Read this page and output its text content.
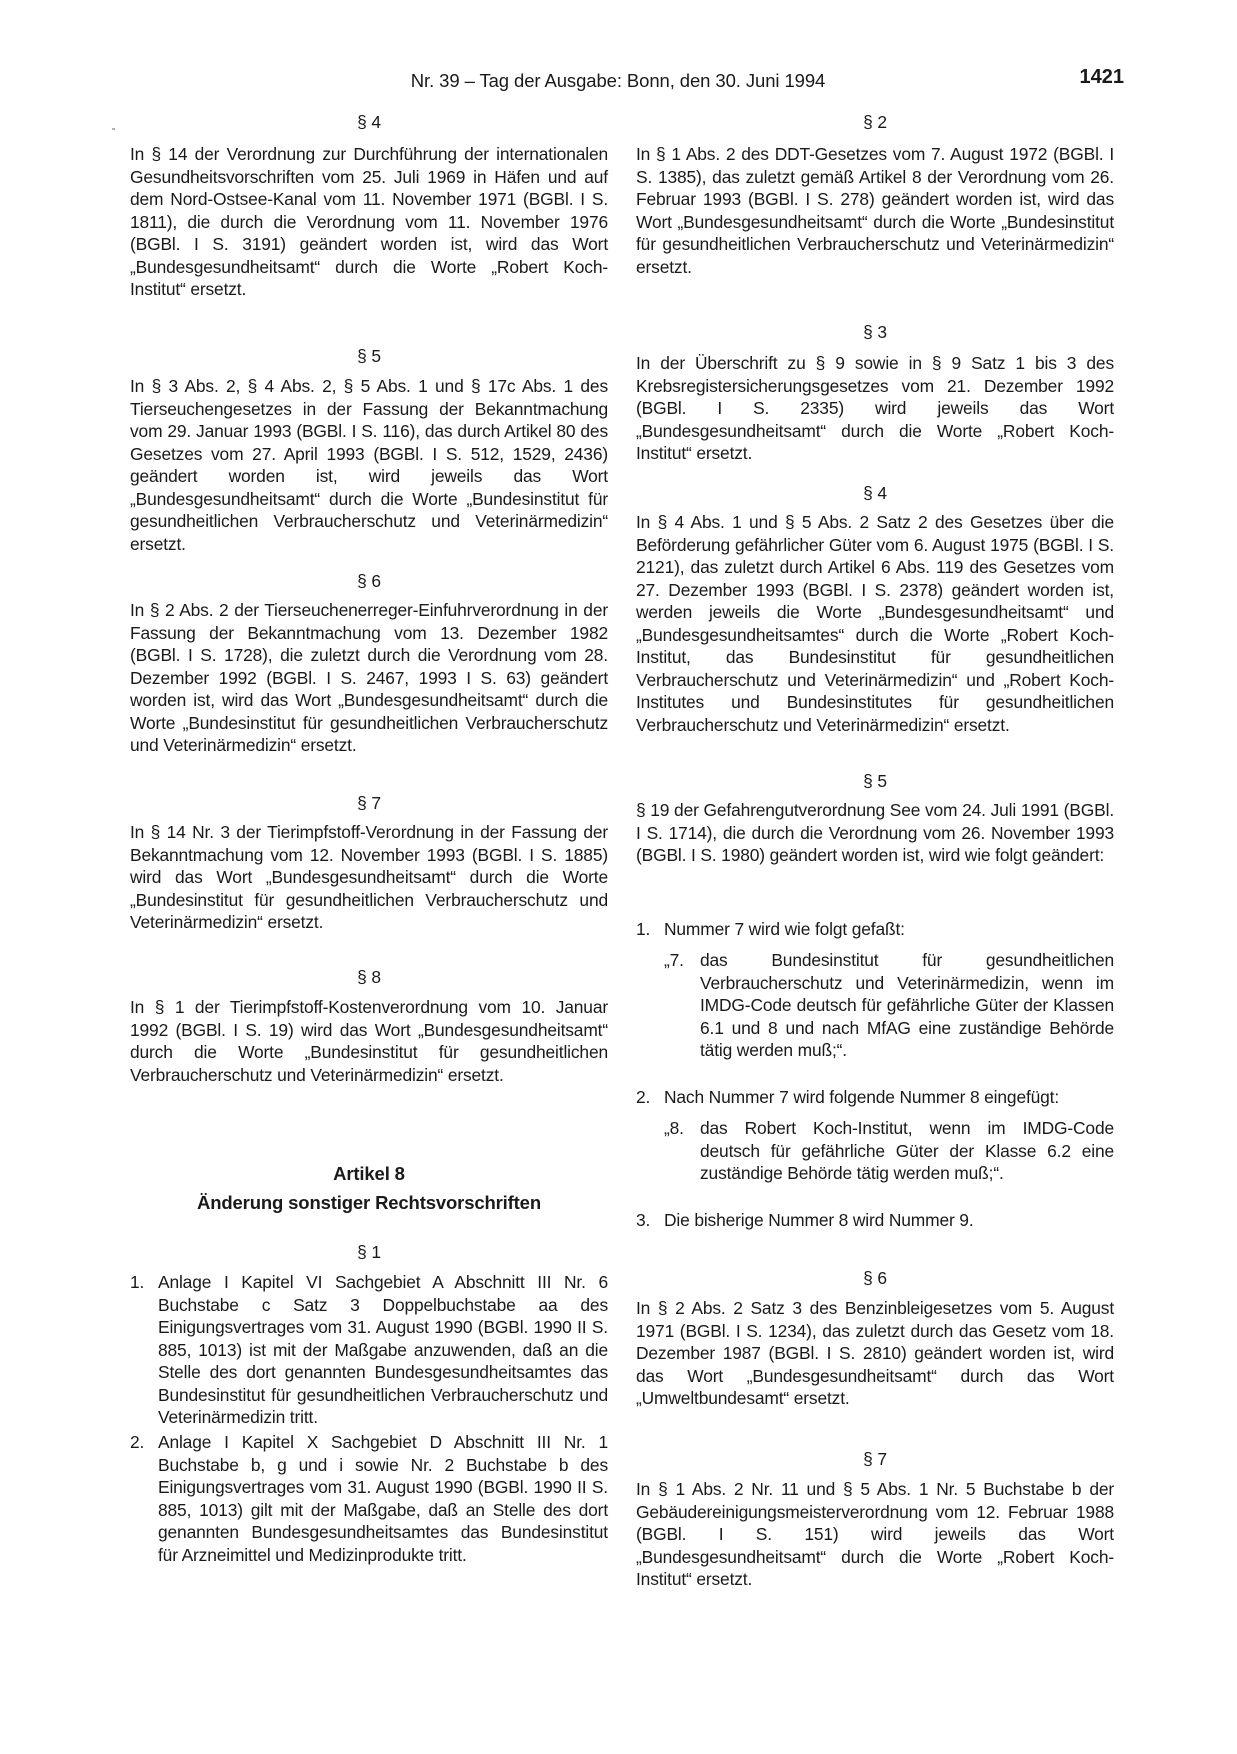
Nr. 39 – Tag der Ausgabe: Bonn, den 30. Juni 1994	1421
§ 4
In § 14 der Verordnung zur Durchführung der internationalen Gesundheitsvorschriften vom 25. Juli 1969 in Häfen und auf dem Nord-Ostsee-Kanal vom 11. November 1971 (BGBl. I S. 1811), die durch die Verordnung vom 11. November 1976 (BGBl. I S. 3191) geändert worden ist, wird das Wort „Bundesgesundheitsamt“ durch die Worte „Robert Koch-Institut“ ersetzt.
§ 5
In § 3 Abs. 2, § 4 Abs. 2, § 5 Abs. 1 und § 17c Abs. 1 des Tierseuchengesetzes in der Fassung der Bekanntmachung vom 29. Januar 1993 (BGBl. I S. 116), das durch Artikel 80 des Gesetzes vom 27. April 1993 (BGBl. I S. 512, 1529, 2436) geändert worden ist, wird jeweils das Wort „Bundesgesundheitsamt“ durch die Worte „Bundesinstitut für gesundheitlichen Verbraucherschutz und Veterinärmedizin“ ersetzt.
§ 6
In § 2 Abs. 2 der Tierseuchenerreger-Einfuhrverordnung in der Fassung der Bekanntmachung vom 13. Dezember 1982 (BGBl. I S. 1728), die zuletzt durch die Verordnung vom 28. Dezember 1992 (BGBl. I S. 2467, 1993 I S. 63) geändert worden ist, wird das Wort „Bundesgesundheitsamt“ durch die Worte „Bundesinstitut für gesundheitlichen Verbraucherschutz und Veterinärmedizin“ ersetzt.
§ 7
In § 14 Nr. 3 der Tierimpfstoff-Verordnung in der Fassung der Bekanntmachung vom 12. November 1993 (BGBl. I S. 1885) wird das Wort „Bundesgesundheitsamt“ durch die Worte „Bundesinstitut für gesundheitlichen Verbraucherschutz und Veterinärmedizin“ ersetzt.
§ 8
In § 1 der Tierimpfstoff-Kostenverordnung vom 10. Januar 1992 (BGBl. I S. 19) wird das Wort „Bundesgesundheitsamt“ durch die Worte „Bundesinstitut für gesundheitlichen Verbraucherschutz und Veterinärmedizin“ ersetzt.
Artikel 8
Änderung sonstiger Rechtsvorschriften
§ 1
1. Anlage I Kapitel VI Sachgebiet A Abschnitt III Nr. 6 Buchstabe c Satz 3 Doppelbuchstabe aa des Einigungsvertrages vom 31. August 1990 (BGBl. 1990 II S. 885, 1013) ist mit der Maßgabe anzuwenden, daß an die Stelle des dort genannten Bundesgesundheitsamtes das Bundesinstitut für gesundheitlichen Verbraucherschutz und Veterinärmedizin tritt.
2. Anlage I Kapitel X Sachgebiet D Abschnitt III Nr. 1 Buchstabe b, g und i sowie Nr. 2 Buchstabe b des Einigungsvertrages vom 31. August 1990 (BGBl. 1990 II S. 885, 1013) gilt mit der Maßgabe, daß an Stelle des dort genannten Bundesgesundheitsamtes das Bundesinstitut für Arzneimittel und Medizinprodukte tritt.
§ 2
In § 1 Abs. 2 des DDT-Gesetzes vom 7. August 1972 (BGBl. I S. 1385), das zuletzt gemäß Artikel 8 der Verordnung vom 26. Februar 1993 (BGBl. I S. 278) geändert worden ist, wird das Wort „Bundesgesundheitsamt“ durch die Worte „Bundesinstitut für gesundheitlichen Verbraucherschutz und Veterinärmedizin“ ersetzt.
§ 3
In der Überschrift zu § 9 sowie in § 9 Satz 1 bis 3 des Krebsregistersicherungsgesetzes vom 21. Dezember 1992 (BGBl. I S. 2335) wird jeweils das Wort „Bundesgesundheitsamt“ durch die Worte „Robert Koch-Institut“ ersetzt.
§ 4
In § 4 Abs. 1 und § 5 Abs. 2 Satz 2 des Gesetzes über die Beförderung gefährlicher Güter vom 6. August 1975 (BGBl. I S. 2121), das zuletzt durch Artikel 6 Abs. 119 des Gesetzes vom 27. Dezember 1993 (BGBl. I S. 2378) geändert worden ist, werden jeweils die Worte „Bundesgesundheitsamt“ und „Bundesgesundheitsamtes“ durch die Worte „Robert Koch-Institut, das Bundesinstitut für gesundheitlichen Verbraucherschutz und Veterinärmedizin“ und „Robert Koch-Institutes und Bundesinstitutes für gesundheitlichen Verbraucherschutz und Veterinärmedizin“ ersetzt.
§ 5
§ 19 der Gefahrengutverordnung See vom 24. Juli 1991 (BGBl. I S. 1714), die durch die Verordnung vom 26. November 1993 (BGBl. I S. 1980) geändert worden ist, wird wie folgt geändert:
1. Nummer 7 wird wie folgt gefaßt:
„7. das Bundesinstitut für gesundheitlichen Verbraucherschutz und Veterinärmedizin, wenn im IMDG-Code deutsch für gefährliche Güter der Klassen 6.1 und 8 und nach MfAG eine zuständige Behörde tätig werden muß;“.
2. Nach Nummer 7 wird folgende Nummer 8 eingefügt:
„8. das Robert Koch-Institut, wenn im IMDG-Code deutsch für gefährliche Güter der Klasse 6.2 eine zuständige Behörde tätig werden muß;“.
3. Die bisherige Nummer 8 wird Nummer 9.
§ 6
In § 2 Abs. 2 Satz 3 des Benzinbleigesetzes vom 5. August 1971 (BGBl. I S. 1234), das zuletzt durch das Gesetz vom 18. Dezember 1987 (BGBl. I S. 2810) geändert worden ist, wird das Wort „Bundesgesundheitsamt“ durch das Wort „Umweltbundesamt“ ersetzt.
§ 7
In § 1 Abs. 2 Nr. 11 und § 5 Abs. 1 Nr. 5 Buchstabe b der Gebäudereinigungsmeisterverordnung vom 12. Februar 1988 (BGBl. I S. 151) wird jeweils das Wort „Bundesgesundheitsamt“ durch die Worte „Robert Koch-Institut“ ersetzt.
